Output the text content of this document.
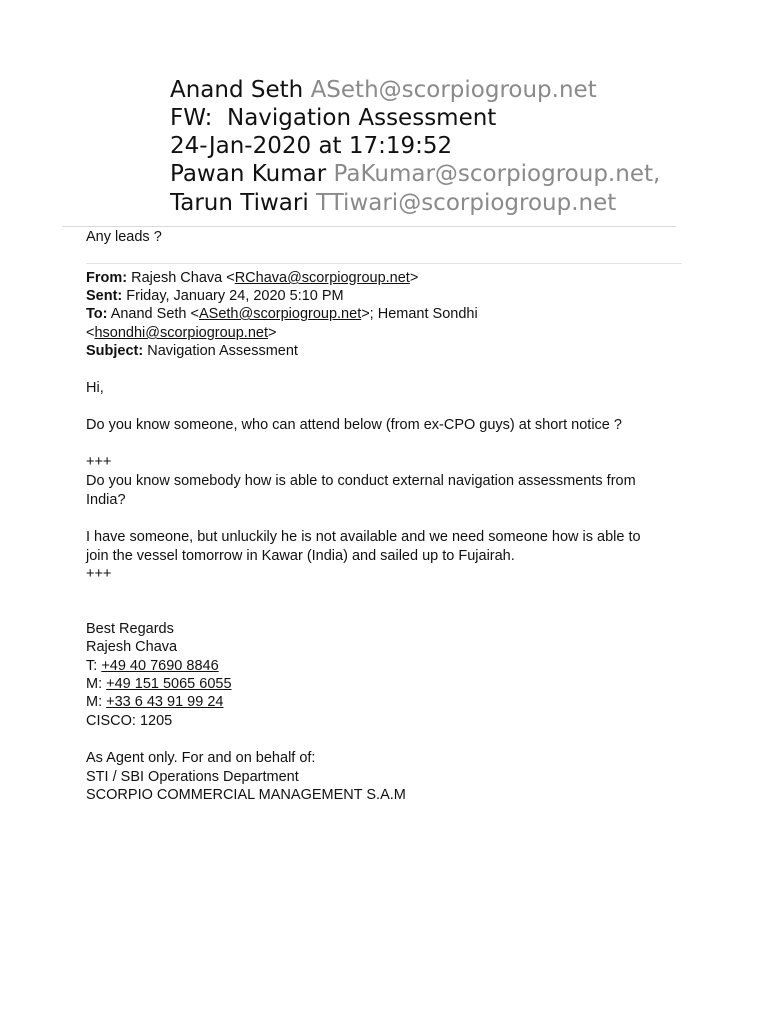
Anand Seth ASeth@scorpiogroup.net
FW:  Navigation Assessment
24-Jan-2020 at 17:19:52
Pawan Kumar PaKumar@scorpiogroup.net,
Tarun Tiwari TTiwari@scorpiogroup.net
Any leads ?
From: Rajesh Chava <RChava@scorpiogroup.net>
Sent: Friday, January 24, 2020 5:10 PM
To: Anand Seth <ASeth@scorpiogroup.net>; Hemant Sondhi
<hsondhi@scorpiogroup.net>
Subject: Navigation Assessment
Hi,
Do you know someone, who can attend below (from ex-CPO guys) at short notice ?
+++
Do you know somebody how is able to conduct external navigation assessments from
India?
I have someone, but unluckily he is not available and we need someone how is able to
join the vessel tomorrow in Kawar (India) and sailed up to Fujairah.
+++
Best Regards
Rajesh Chava
T: +49 40 7690 8846
M: +49 151 5065 6055
M: +33 6 43 91 99 24
CISCO: 1205
As Agent only. For and on behalf of:
STI / SBI Operations Department
SCORPIO COMMERCIAL MANAGEMENT S.A.M
